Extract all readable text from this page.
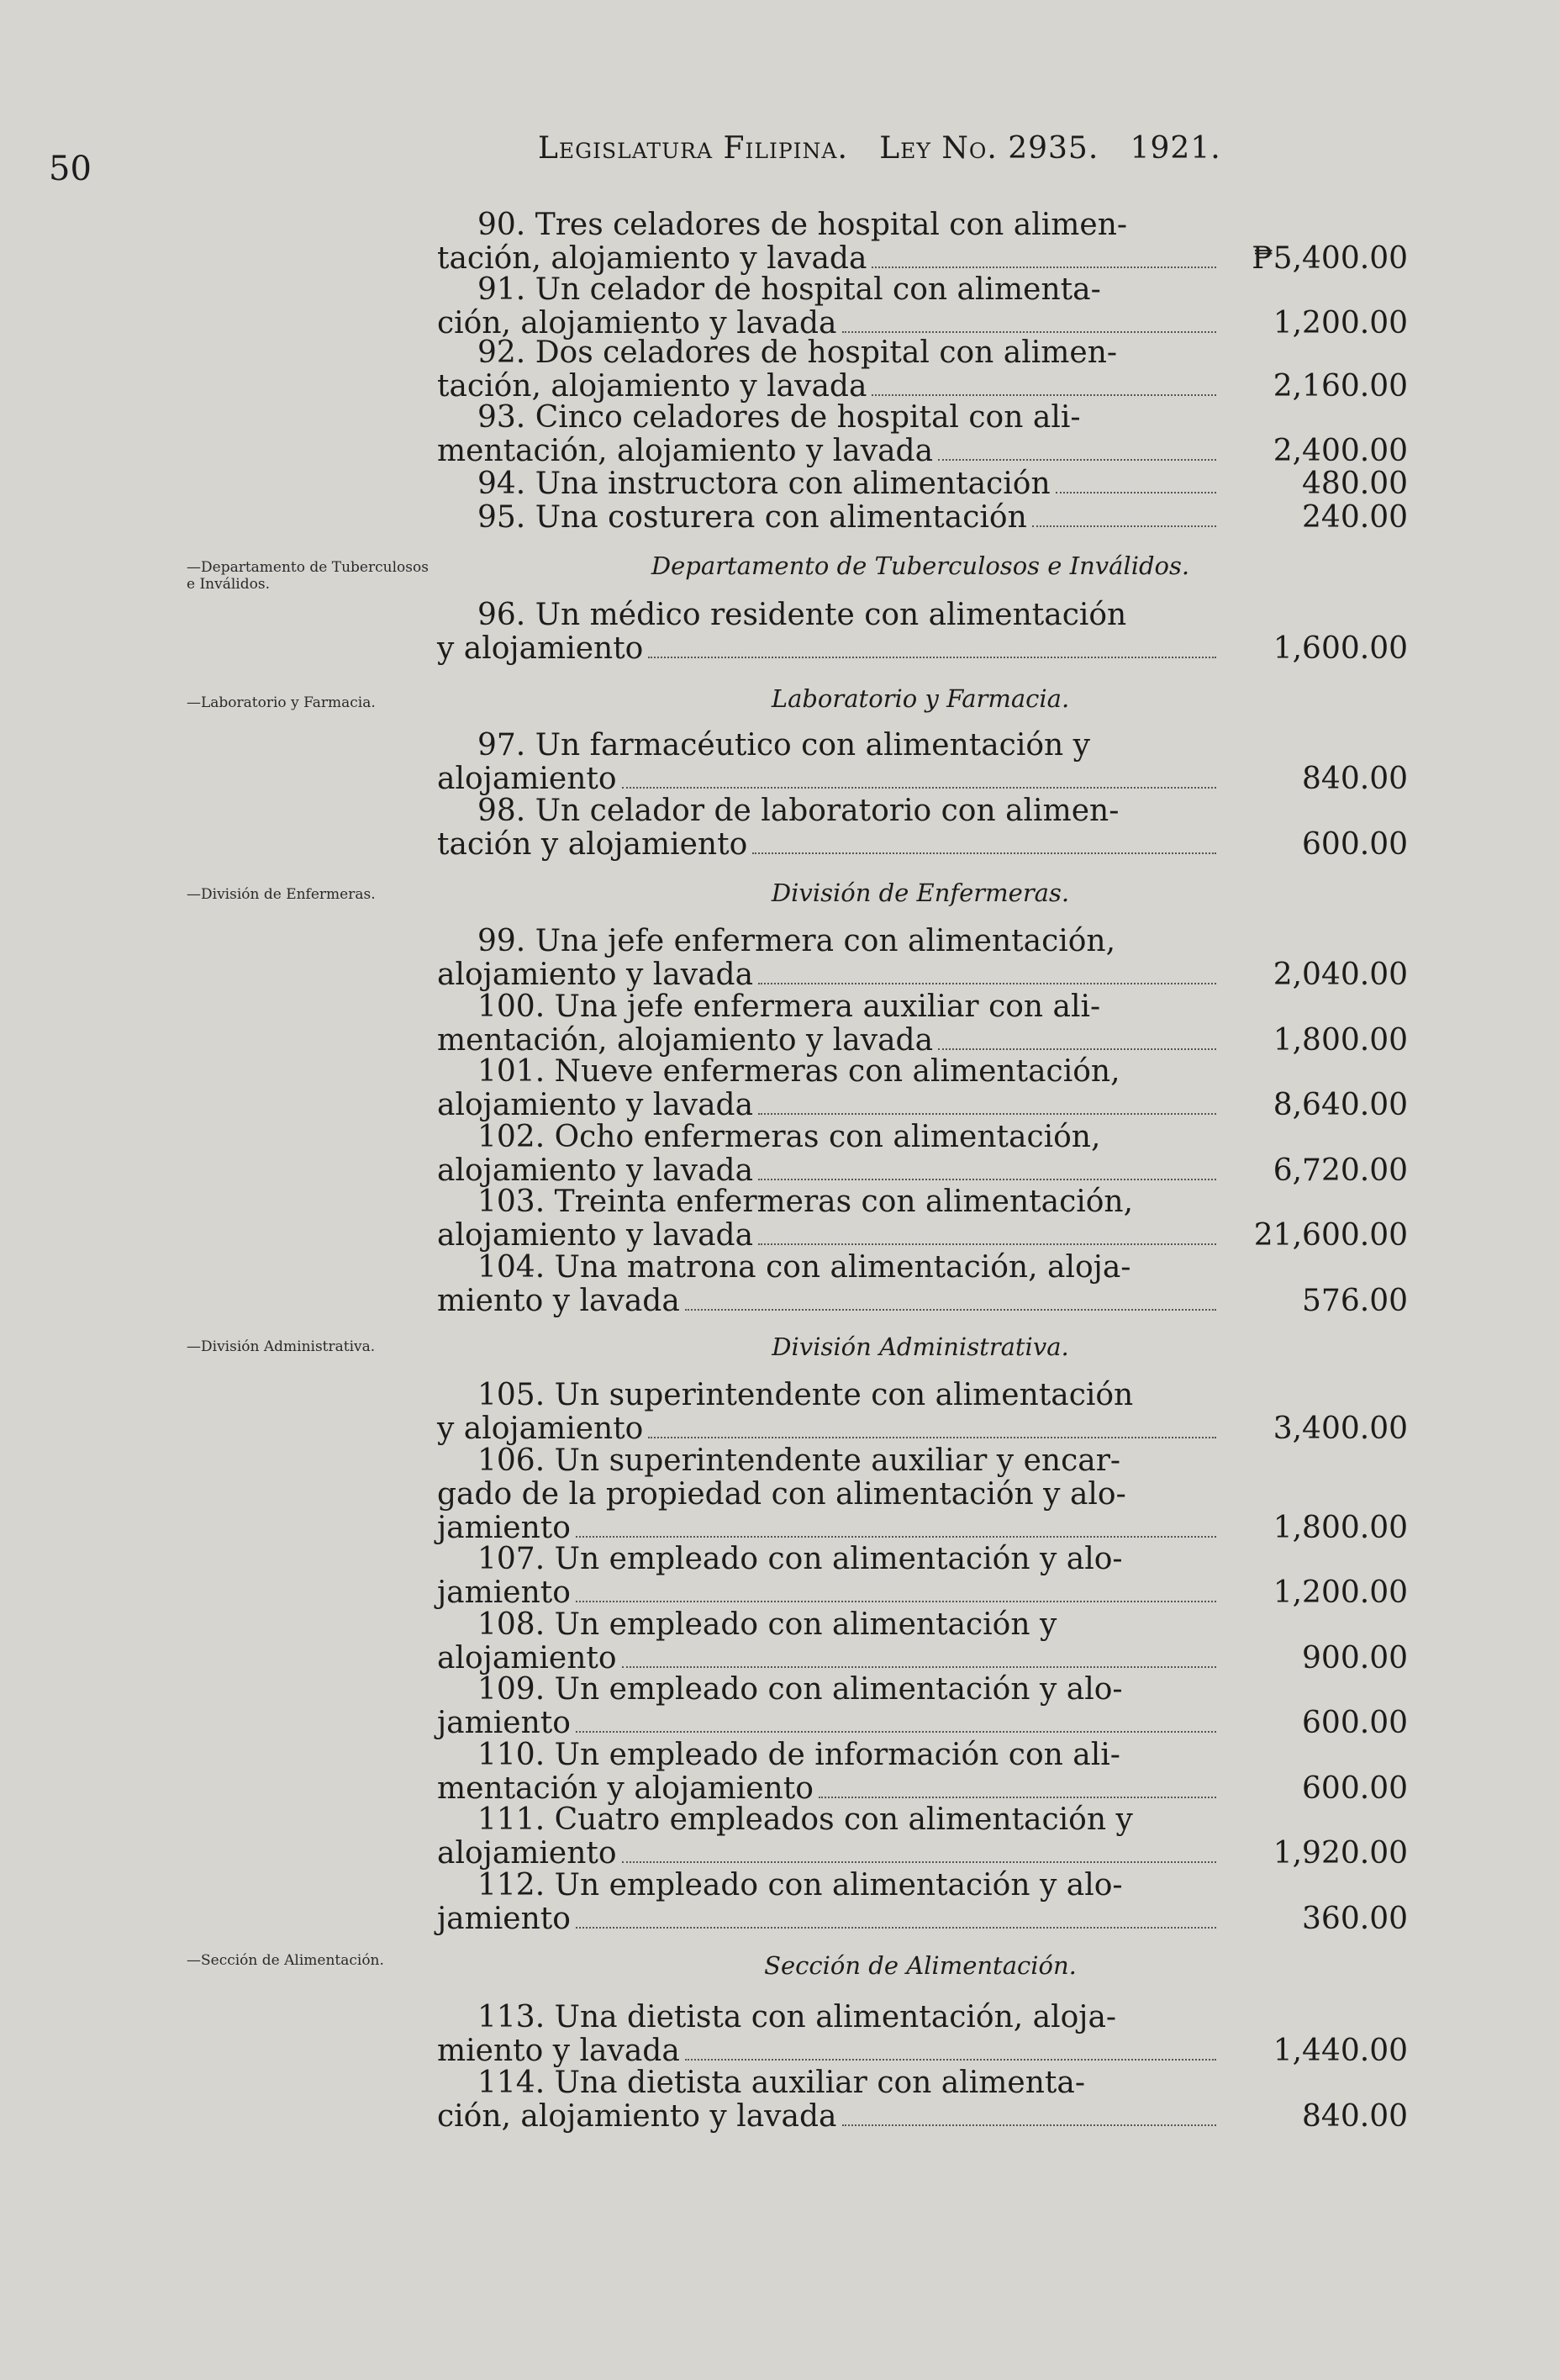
50
Legislatura Filipina. Ley No. 2935. 1921.
—Departamento de Tuberculosos e Inválidos.
—Laboratorio y Farmacia.
—División de Enfermeras.
—División Administrativa.
—Sección de Alimentación.
Departamento de Tuberculosos e Inválidos.
Laboratorio y Farmacia.
División de Enfermeras.
División Administrativa.
Sección de Alimentación.
90. Tres celadores de hospital con alimen-
tación, alojamiento y lavada	₱5,400.00
91. Un celador de hospital con alimenta-
ción, alojamiento y lavada	1,200.00
92. Dos celadores de hospital con alimen-
tación, alojamiento y lavada	2,160.00
93. Cinco celadores de hospital con ali-
mentación, alojamiento y lavada	2,400.00
94. Una instructora con alimentación	480.00
95. Una costurera con alimentación	240.00
96. Un médico residente con alimentación
y alojamiento	1,600.00
97. Un farmacéutico con alimentación y
alojamiento	840.00
98. Un celador de laboratorio con alimen-
tación y alojamiento	600.00
99. Una jefe enfermera con alimentación,
alojamiento y lavada	2,040.00
100. Una jefe enfermera auxiliar con ali-
mentación, alojamiento y lavada	1,800.00
101. Nueve enfermeras con alimentación,
alojamiento y lavada	8,640.00
102. Ocho enfermeras con alimentación,
alojamiento y lavada	6,720.00
103. Treinta enfermeras con alimentación,
alojamiento y lavada	21,600.00
104. Una matrona con alimentación, aloja-
miento y lavada	576.00
105. Un superintendente con alimentación
y alojamiento	3,400.00
106. Un superintendente auxiliar y encar-
gado de la propiedad con alimentación y alo-
jamiento	1,800.00
107. Un empleado con alimentación y alo-
jamiento	1,200.00
108. Un empleado con alimentación y
alojamiento	900.00
109. Un empleado con alimentación y alo-
jamiento	600.00
110. Un empleado de información con ali-
mentación y alojamiento	600.00
111. Cuatro empleados con alimentación y
alojamiento	1,920.00
112. Un empleado con alimentación y alo-
jamiento	360.00
113. Una dietista con alimentación, aloja-
miento y lavada	1,440.00
114. Una dietista auxiliar con alimenta-
ción, alojamiento y lavada	840.00
